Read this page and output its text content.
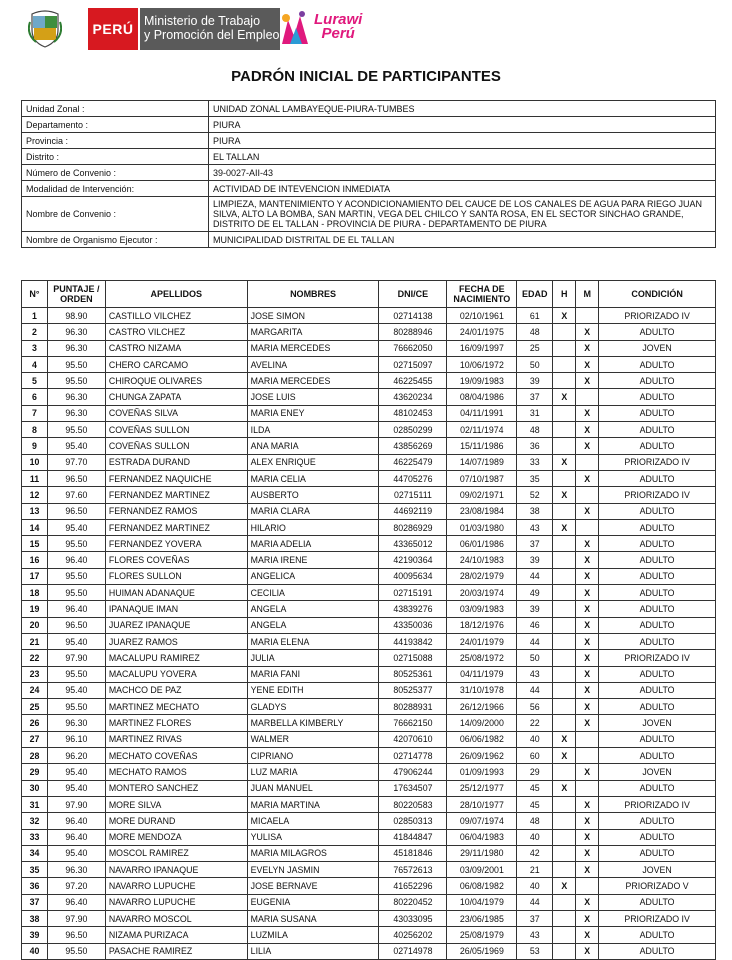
PERÚ Ministerio de Trabajo
y Promoción del Empleo
Lurawi
Perú
PADRÓN INICIAL DE PARTICIPANTES
Unidad Zonal :	UNIDAD ZONAL LAMBAYEQUE-PIURA-TUMBES
Departamento :	PIURA
Provincia :	PIURA
Distrito :	EL TALLAN
Número de Convenio :	39-0027-AII-43
Modalidad de Intervención:	ACTIVIDAD DE INTEVENCION INMEDIATA
Nombre de Convenio :	LIMPIEZA, MANTENIMIENTO Y ACONDICIONAMIENTO DEL CAUCE DE LOS CANALES DE AGUA PARA RIEGO JUAN SILVA, ALTO LA BOMBA, SAN MARTIN, VEGA DEL CHILCO Y SANTA ROSA, EN EL SECTOR SINCHAO GRANDE, DISTRITO DE EL TALLAN - PROVINCIA DE PIURA - DEPARTAMENTO DE PIURA
Nombre de Organismo Ejecutor :	MUNICIPALIDAD DISTRITAL DE EL TALLAN
N°	PUNTAJE / ORDEN	APELLIDOS	NOMBRES	DNI/CE	FECHA DE NACIMIENTO	EDAD	H	M	CONDICIÓN
1	98.90	CASTILLO VILCHEZ	JOSE SIMON	02714138	02/10/1961	61	X		PRIORIZADO IV
2	96.30	CASTRO VILCHEZ	MARGARITA	80288946	24/01/1975	48		X	ADULTO
3	96.30	CASTRO NIZAMA	MARIA MERCEDES	76662050	16/09/1997	25		X	JOVEN
4	95.50	CHERO CARCAMO	AVELINA	02715097	10/06/1972	50		X	ADULTO
5	95.50	CHIROQUE OLIVARES	MARIA MERCEDES	46225455	19/09/1983	39		X	ADULTO
6	96.30	CHUNGA ZAPATA	JOSE LUIS	43620234	08/04/1986	37	X		ADULTO
7	96.30	COVEÑAS SILVA	MARIA ENEY	48102453	04/11/1991	31		X	ADULTO
8	95.50	COVEÑAS SULLON	ILDA	02850299	02/11/1974	48		X	ADULTO
9	95.40	COVEÑAS SULLON	ANA MARIA	43856269	15/11/1986	36		X	ADULTO
10	97.70	ESTRADA DURAND	ALEX ENRIQUE	46225479	14/07/1989	33	X		PRIORIZADO IV
11	96.50	FERNANDEZ NAQUICHE	MARIA CELIA	44705276	07/10/1987	35		X	ADULTO
12	97.60	FERNANDEZ MARTINEZ	AUSBERTO	02715111	09/02/1971	52	X		PRIORIZADO IV
13	96.50	FERNANDEZ RAMOS	MARIA CLARA	44692119	23/08/1984	38		X	ADULTO
14	95.40	FERNANDEZ MARTINEZ	HILARIO	80286929	01/03/1980	43	X		ADULTO
15	95.50	FERNANDEZ YOVERA	MARIA ADELIA	43365012	06/01/1986	37		X	ADULTO
16	96.40	FLORES COVEÑAS	MARIA IRENE	42190364	24/10/1983	39		X	ADULTO
17	95.50	FLORES SULLON	ANGELICA	40095634	28/02/1979	44		X	ADULTO
18	95.50	HUIMAN ADANAQUE	CECILIA	02715191	20/03/1974	49		X	ADULTO
19	96.40	IPANAQUE IMAN	ANGELA	43839276	03/09/1983	39		X	ADULTO
20	96.50	JUAREZ IPANAQUE	ANGELA	43350036	18/12/1976	46		X	ADULTO
21	95.40	JUAREZ RAMOS	MARIA ELENA	44193842	24/01/1979	44		X	ADULTO
22	97.90	MACALUPU RAMIREZ	JULIA	02715088	25/08/1972	50		X	PRIORIZADO IV
23	95.50	MACALUPU YOVERA	MARIA FANI	80525361	04/11/1979	43		X	ADULTO
24	95.40	MACHCO DE PAZ	YENE EDITH	80525377	31/10/1978	44		X	ADULTO
25	95.50	MARTINEZ MECHATO	GLADYS	80288931	26/12/1966	56		X	ADULTO
26	96.30	MARTINEZ FLORES	MARBELLA KIMBERLY	76662150	14/09/2000	22		X	JOVEN
27	96.10	MARTINEZ RIVAS	WALMER	42070610	06/06/1982	40	X		ADULTO
28	96.20	MECHATO COVEÑAS	CIPRIANO	02714778	26/09/1962	60	X		ADULTO
29	95.40	MECHATO RAMOS	LUZ MARIA	47906244	01/09/1993	29		X	JOVEN
30	95.40	MONTERO SANCHEZ	JUAN MANUEL	17634507	25/12/1977	45	X		ADULTO
31	97.90	MORE SILVA	MARIA MARTINA	80220583	28/10/1977	45		X	PRIORIZADO IV
32	96.40	MORE DURAND	MICAELA	02850313	09/07/1974	48		X	ADULTO
33	96.40	MORE MENDOZA	YULISA	41844847	06/04/1983	40		X	ADULTO
34	95.40	MOSCOL RAMIREZ	MARIA MILAGROS	45181846	29/11/1980	42		X	ADULTO
35	96.30	NAVARRO IPANAQUE	EVELYN JASMIN	76572613	03/09/2001	21		X	JOVEN
36	97.20	NAVARRO LUPUCHE	JOSE BERNAVE	41652296	06/08/1982	40	X		PRIORIZADO V
37	96.40	NAVARRO LUPUCHE	EUGENIA	80220452	10/04/1979	44		X	ADULTO
38	97.90	NAVARRO MOSCOL	MARIA SUSANA	43033095	23/06/1985	37		X	PRIORIZADO IV
39	96.50	NIZAMA PURIZACA	LUZMILA	40256202	25/08/1979	43		X	ADULTO
40	95.50	PASACHE RAMIREZ	LILIA	02714978	26/05/1969	53		X	ADULTO
